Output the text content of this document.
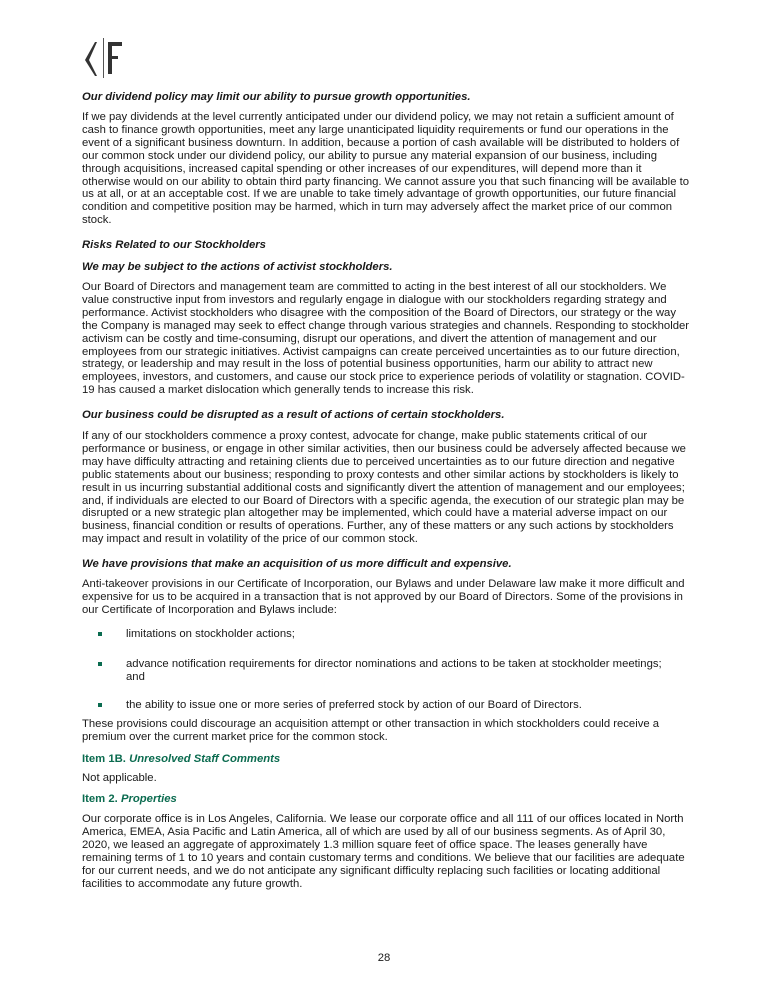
Our dividend policy may limit our ability to pursue growth opportunities.

If we pay dividends at the level currently anticipated under our dividend policy, we may not retain a sufficient amount of cash to finance growth opportunities, meet any large unanticipated liquidity requirements or fund our operations in the event of a significant business downturn. In addition, because a portion of cash available will be distributed to holders of our common stock under our dividend policy, our ability to pursue any material expansion of our business, including through acquisitions, increased capital spending or other increases of our expenditures, will depend more than it otherwise would on our ability to obtain third party financing. We cannot assure you that such financing will be available to us at all, or at an acceptable cost. If we are unable to take timely advantage of growth opportunities, our future financial condition and competitive position may be harmed, which in turn may adversely affect the market price of our common stock.

Risks Related to our Stockholders

We may be subject to the actions of activist stockholders.

Our Board of Directors and management team are committed to acting in the best interest of all our stockholders. We value constructive input from investors and regularly engage in dialogue with our stockholders regarding strategy and performance. Activist stockholders who disagree with the composition of the Board of Directors, our strategy or the way the Company is managed may seek to effect change through various strategies and channels. Responding to stockholder activism can be costly and time-consuming, disrupt our operations, and divert the attention of management and our employees from our strategic initiatives. Activist campaigns can create perceived uncertainties as to our future direction, strategy, or leadership and may result in the loss of potential business opportunities, harm our ability to attract new employees, investors, and customers, and cause our stock price to experience periods of volatility or stagnation. COVID-19 has caused a market dislocation which generally tends to increase this risk.

Our business could be disrupted as a result of actions of certain stockholders.

If any of our stockholders commence a proxy contest, advocate for change, make public statements critical of our performance or business, or engage in other similar activities, then our business could be adversely affected because we may have difficulty attracting and retaining clients due to perceived uncertainties as to our future direction and negative public statements about our business; responding to proxy contests and other similar actions by stockholders is likely to result in us incurring substantial additional costs and significantly divert the attention of management and our employees; and, if individuals are elected to our Board of Directors with a specific agenda, the execution of our strategic plan may be disrupted or a new strategic plan altogether may be implemented, which could have a material adverse impact on our business, financial condition or results of operations. Further, any of these matters or any such actions by stockholders may impact and result in volatility of the price of our common stock.

We have provisions that make an acquisition of us more difficult and expensive.

Anti-takeover provisions in our Certificate of Incorporation, our Bylaws and under Delaware law make it more difficult and expensive for us to be acquired in a transaction that is not approved by our Board of Directors. Some of the provisions in our Certificate of Incorporation and Bylaws include:

limitations on stockholder actions;
advance notification requirements for director nominations and actions to be taken at stockholder meetings; and
the ability to issue one or more series of preferred stock by action of our Board of Directors.

These provisions could discourage an acquisition attempt or other transaction in which stockholders could receive a premium over the current market price for the common stock.

Item 1B. Unresolved Staff Comments

Not applicable.

Item 2. Properties

Our corporate office is in Los Angeles, California. We lease our corporate office and all 111 of our offices located in North America, EMEA, Asia Pacific and Latin America, all of which are used by all of our business segments. As of April 30, 2020, we leased an aggregate of approximately 1.3 million square feet of office space. The leases generally have remaining terms of 1 to 10 years and contain customary terms and conditions. We believe that our facilities are adequate for our current needs, and we do not anticipate any significant difficulty replacing such facilities or locating additional facilities to accommodate any future growth.

28
